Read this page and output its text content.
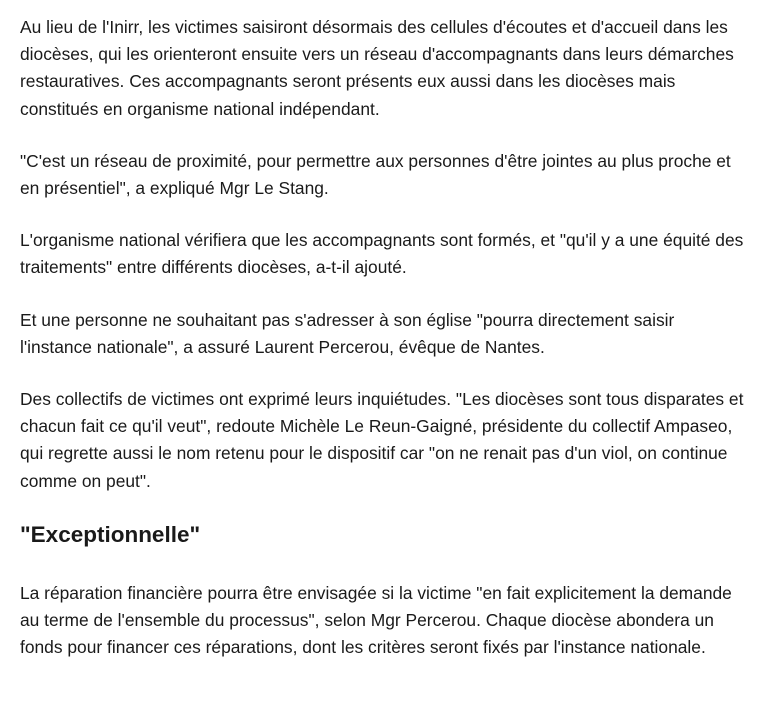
Au lieu de l'Inirr, les victimes saisiront désormais des cellules d'écoutes et d'accueil dans les diocèses, qui les orienteront ensuite vers un réseau d'accompagnants dans leurs démarches restauratives. Ces accompagnants seront présents eux aussi dans les diocèses mais constitués en organisme national indépendant.

"C'est un réseau de proximité, pour permettre aux personnes d'être jointes au plus proche et en présentiel", a expliqué Mgr Le Stang.

L'organisme national vérifiera que les accompagnants sont formés, et "qu'il y a une équité des traitements" entre différents diocèses, a-t-il ajouté.

Et une personne ne souhaitant pas s'adresser à son église "pourra directement saisir l'instance nationale", a assuré Laurent Percerou, évêque de Nantes.

Des collectifs de victimes ont exprimé leurs inquiétudes. "Les diocèses sont tous disparates et chacun fait ce qu'il veut", redoute Michèle Le Reun-Gaigné, présidente du collectif Ampaseo, qui regrette aussi le nom retenu pour le dispositif car "on ne renait pas d'un viol, on continue comme on peut".

"Exceptionnelle"

La réparation financière pourra être envisagée si la victime "en fait explicitement la demande au terme de l'ensemble du processus", selon Mgr Percerou. Chaque diocèse abondera un fonds pour financer ces réparations, dont les critères seront fixés par l'instance nationale.
